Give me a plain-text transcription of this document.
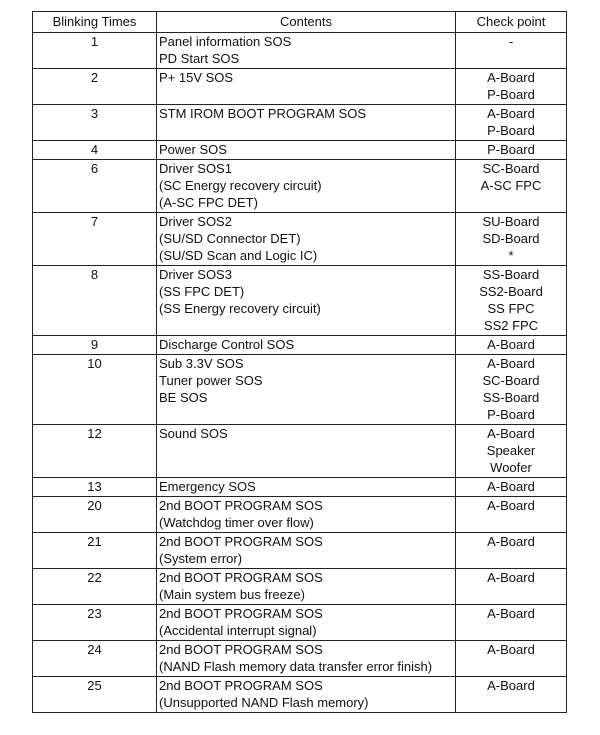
Blinking Times	Contents	Check point

1	Panel information SOS
PD Start SOS	-

2	P+ 15V SOS	A-Board
P-Board

3	STM IROM BOOT PROGRAM SOS	A-Board
P-Board

4	Power SOS	P-Board

6	Driver SOS1
(SC Energy recovery circuit)
(A-SC FPC DET)	SC-Board
A-SC FPC

7	Driver SOS2
(SU/SD Connector DET)
(SU/SD Scan and Logic IC)	SU-Board
SD-Board
*

8	Driver SOS3
(SS FPC DET)
(SS Energy recovery circuit)	SS-Board
SS2-Board
SS FPC
SS2 FPC

9	Discharge Control SOS	A-Board

10	Sub 3.3V SOS
Tuner power SOS
BE SOS	A-Board
SC-Board
SS-Board
P-Board

12	Sound SOS	A-Board
Speaker
Woofer

13	Emergency SOS	A-Board

20	2nd BOOT PROGRAM SOS
(Watchdog timer over flow)	A-Board

21	2nd BOOT PROGRAM SOS
(System error)	A-Board

22	2nd BOOT PROGRAM SOS
(Main system bus freeze)	A-Board

23	2nd BOOT PROGRAM SOS
(Accidental interrupt signal)	A-Board

24	2nd BOOT PROGRAM SOS
(NAND Flash memory data transfer error finish)	A-Board

25	2nd BOOT PROGRAM SOS
(Unsupported NAND Flash memory)	A-Board
